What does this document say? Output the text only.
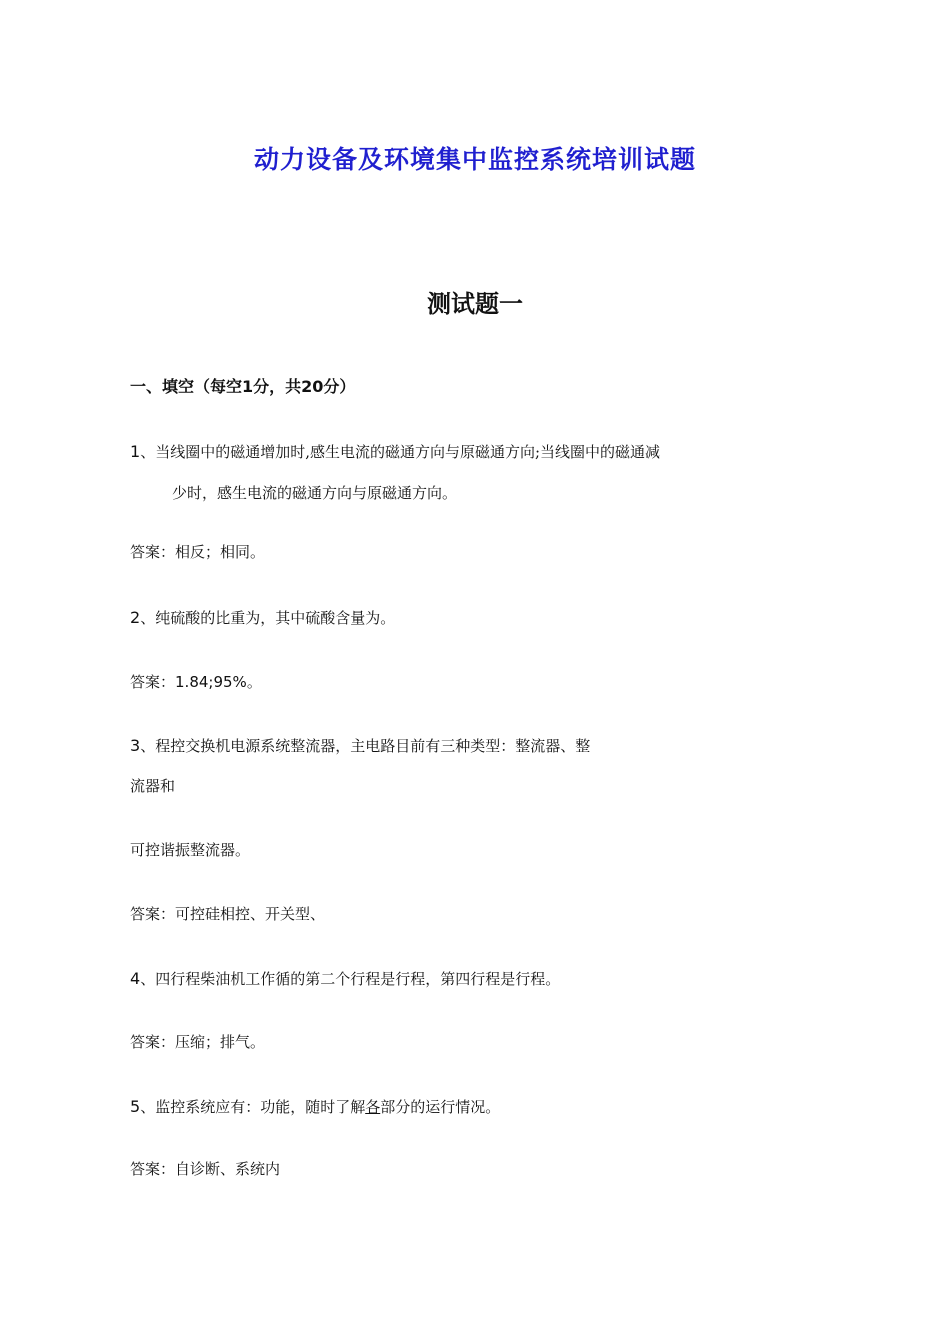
动力设备及环境集中监控系统培训试题
测试题一
一、填空（每空1分，共20分）
1、当线圈中的磁通增加时,感生电流的磁通方向与原磁通方向;当线圈中的磁通减
少时，感生电流的磁通方向与原磁通方向。
答案：相反；相同。
2、纯硫酸的比重为，其中硫酸含量为。
答案：1.84;95%。
3、程控交换机电源系统整流器，主电路目前有三种类型：整流器、整
流器和
可控谐振整流器。
答案：可控硅相控、开关型、
4、四行程柴油机工作循的第二个行程是行程，第四行程是行程。
答案：压缩；排气。
5、监控系统应有：功能，随时了解各部分的运行情况。
答案：自诊断、系统内
